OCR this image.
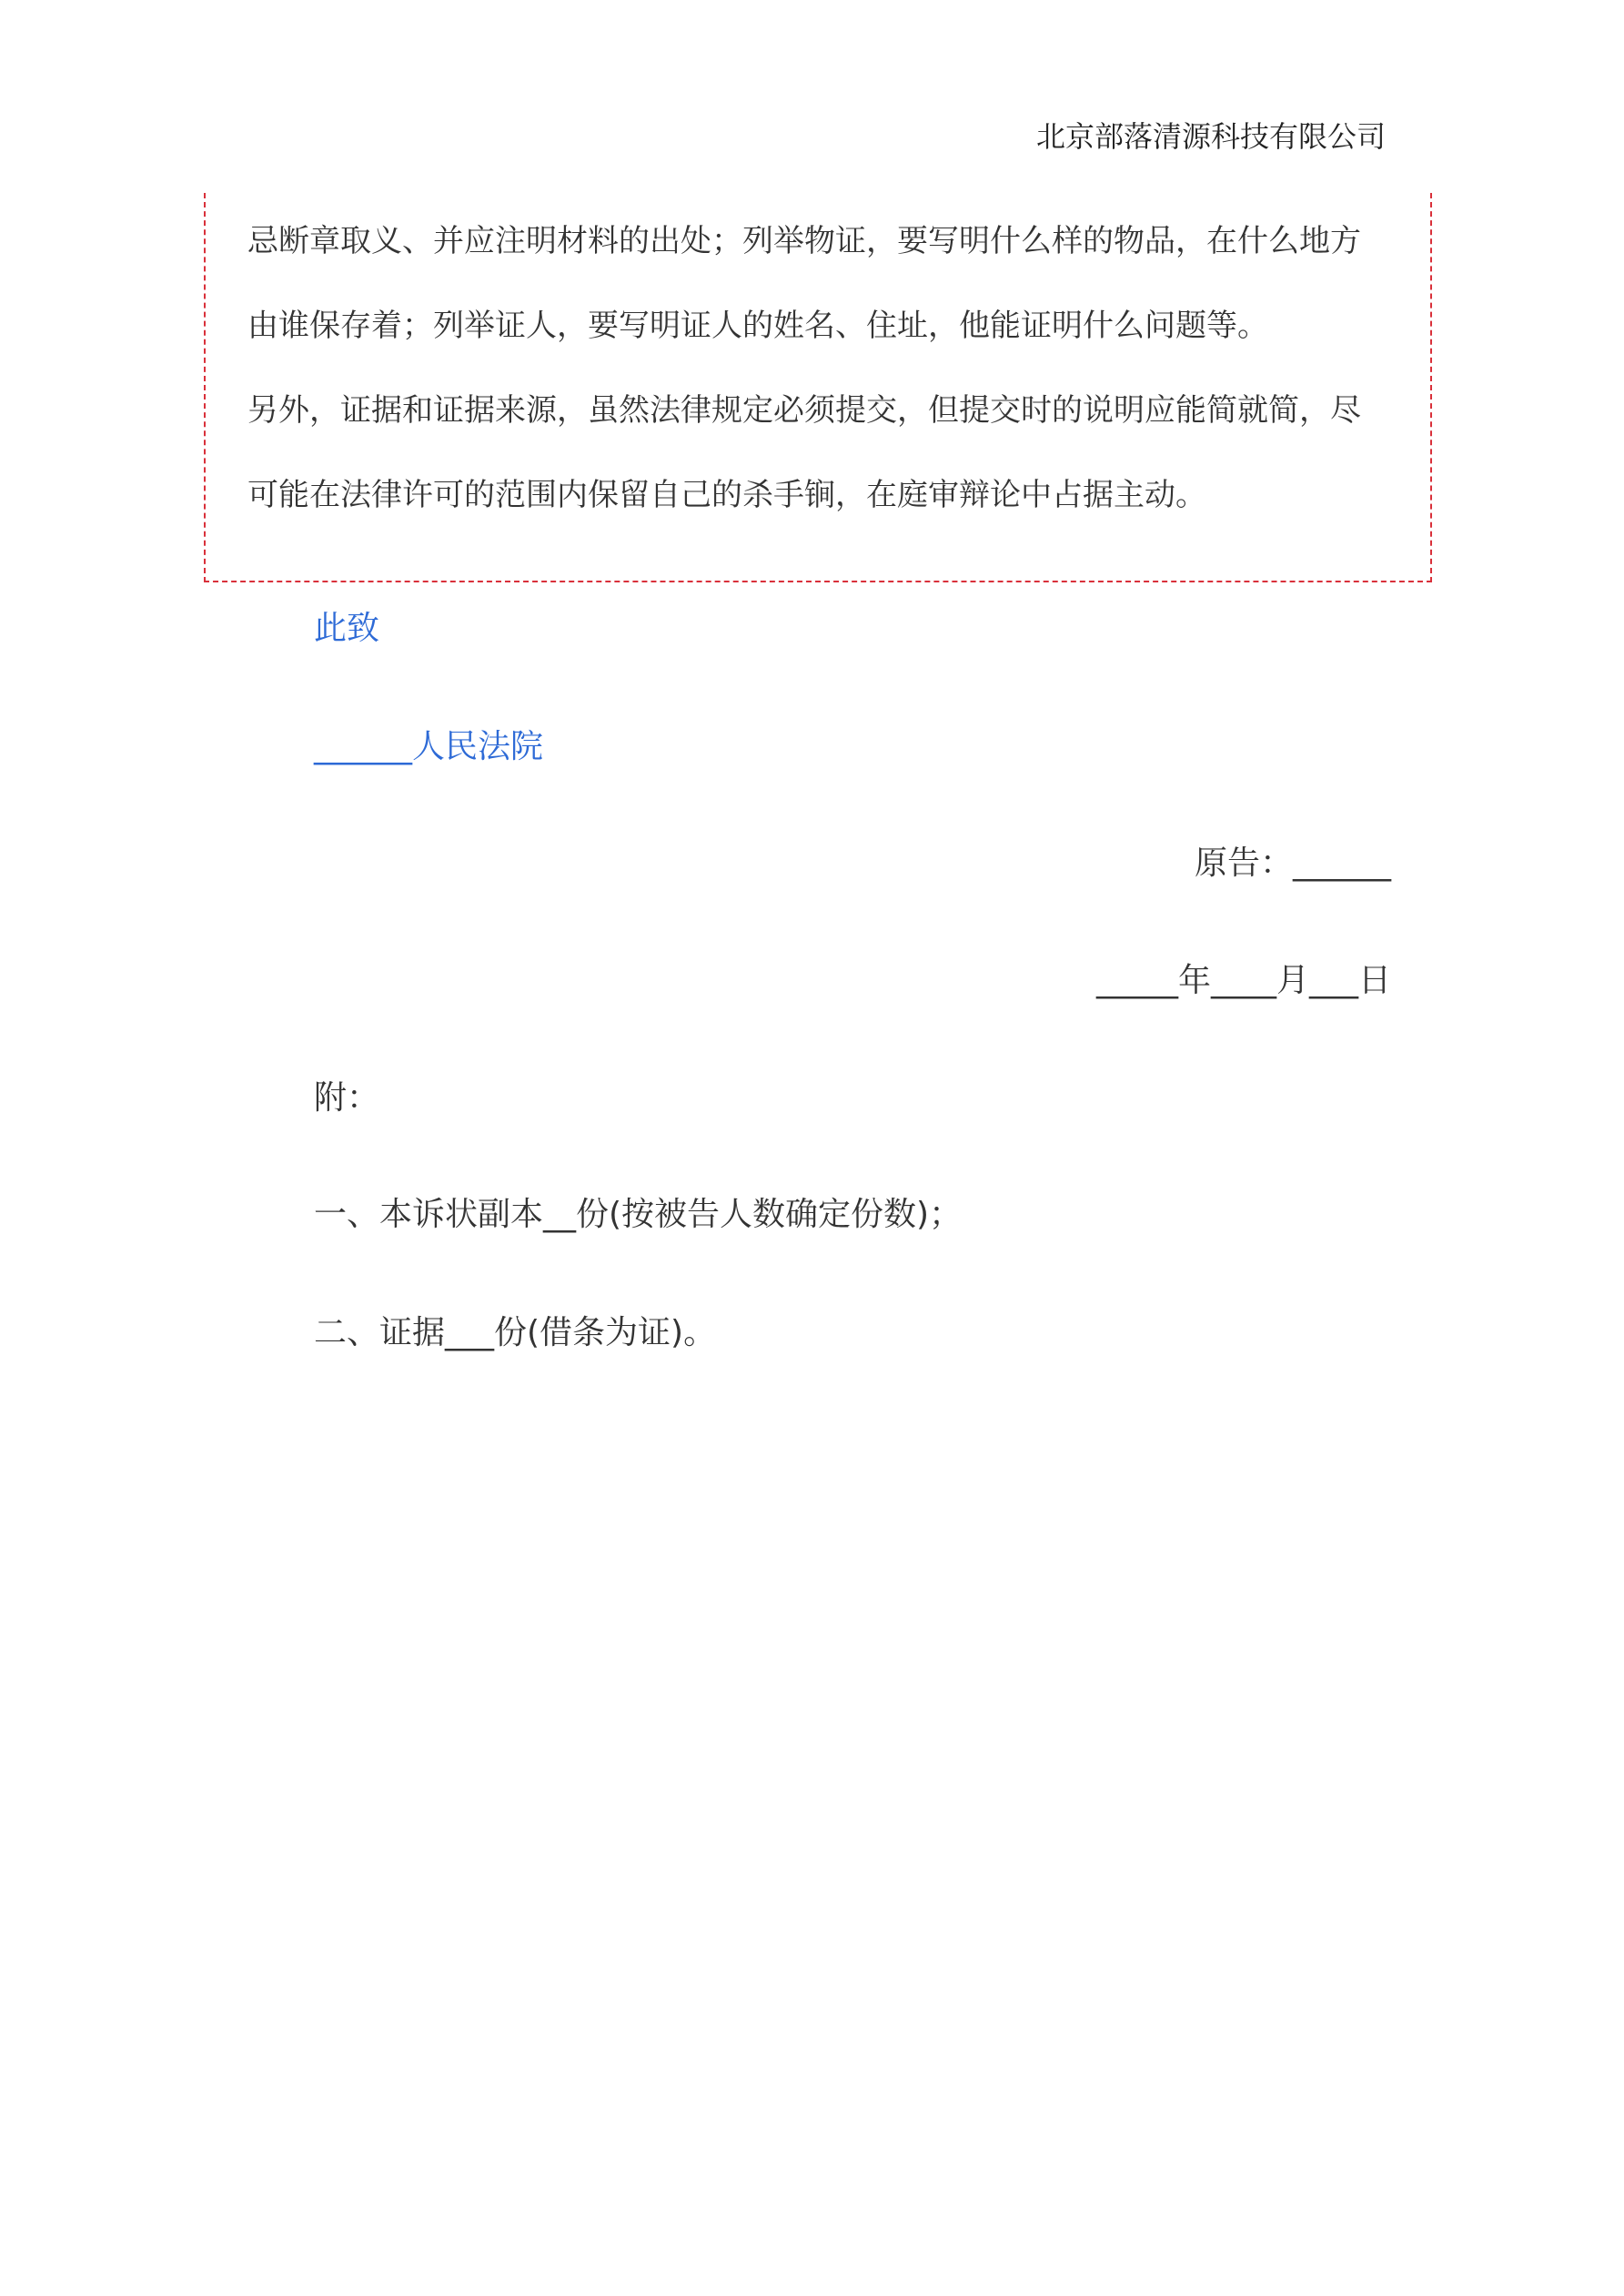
北京部落清源科技有限公司
忌断章取义、并应注明材料的出处；列举物证，要写明什么样的物品，在什么地方
由谁保存着；列举证人，要写明证人的姓名、住址，他能证明什么问题等。
另外，证据和证据来源，虽然法律规定必须提交，但提交时的说明应能简就简，尽
可能在法律许可的范围内保留自己的杀手锏，在庭审辩论中占据主动。
此致
______人民法院
原告：______
_____年____月___日
附：
一、本诉状副本__份(按被告人数确定份数)；
二、证据___份(借条为证)。
